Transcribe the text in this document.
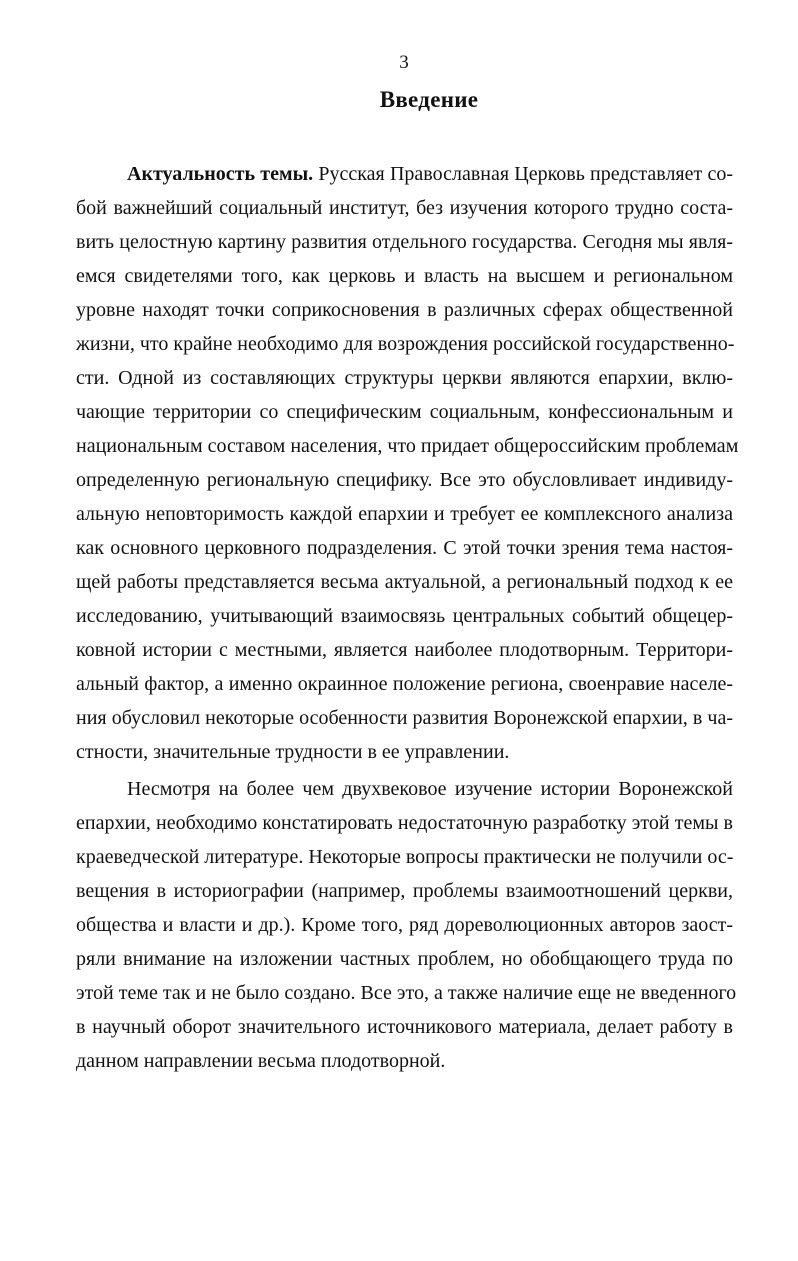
3
Введение

Актуальность темы. Русская Православная Церковь представляет со-
бой важнейший социальный институт, без изучения которого трудно соста-
вить целостную картину развития отдельного государства. Сегодня мы явля-
емся свидетелями того, как церковь и власть на высшем и региональном
уровне находят точки соприкосновения в различных сферах общественной
жизни, что крайне необходимо для возрождения российской государственно-
сти. Одной из составляющих структуры церкви являются епархии, вклю-
чающие территории со специфическим социальным, конфессиональным и
национальным составом населения, что придает общероссийским проблемам
определенную региональную специфику. Все это обусловливает индивиду-
альную неповторимость каждой епархии и требует ее комплексного анализа
как основного церковного подразделения. С этой точки зрения тема настоя-
щей работы представляется весьма актуальной, а региональный подход к ее
исследованию, учитывающий взаимосвязь центральных событий общецер-
ковной истории с местными, является наиболее плодотворным. Территори-
альный фактор, а именно окраинное положение региона, своенравие населе-
ния обусловил некоторые особенности развития Воронежской епархии, в ча-
стности, значительные трудности в ее управлении.

Несмотря на более чем двухвековое изучение истории Воронежской
епархии, необходимо констатировать недостаточную разработку этой темы в
краеведческой литературе. Некоторые вопросы практически не получили ос-
вещения в историографии (например, проблемы взаимоотношений церкви,
общества и власти и др.). Кроме того, ряд дореволюционных авторов заост-
ряли внимание на изложении частных проблем, но обобщающего труда по
этой теме так и не было создано. Все это, а также наличие еще не введенного
в научный оборот значительного источникового материала, делает работу в
данном направлении весьма плодотворной.
